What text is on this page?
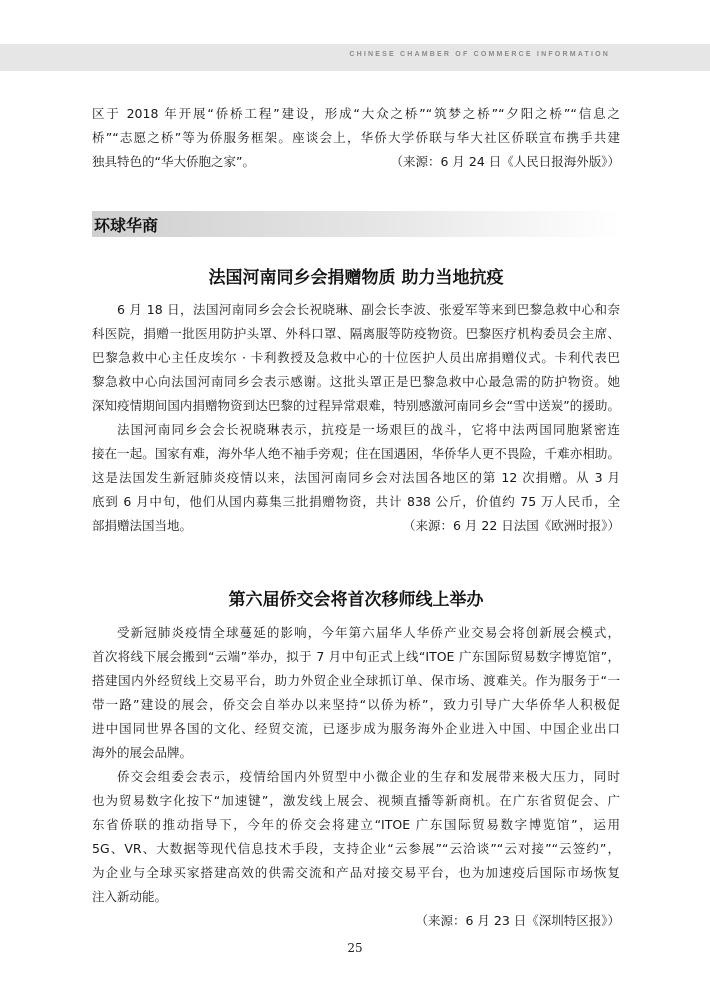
CHINESE CHAMBER OF COMMERCE INFORMATION

区于 2018 年开展“侨桥工程”建设，形成“大众之桥”“筑梦之桥”“夕阳之桥”“信息之

桥”“志愿之桥”等为侨服务框架。座谈会上，华侨大学侨联与华大社区侨联宣布携手共建

独具特色的“华大侨胞之家”。	（来源：6 月 24 日《人民日报海外版》）

环球华商
法国河南同乡会捐赠物质 助力当地抗疫

6 月 18 日，法国河南同乡会会长祝晓琳、副会长李波、张爱军等来到巴黎急救中心和奈

科医院，捐赠一批医用防护头罩、外科口罩、隔离服等防疫物资。巴黎医疗机构委员会主席、

巴黎急救中心主任皮埃尔 · 卡利教授及急救中心的十位医护人员出席捐赠仪式。卡利代表巴

黎急救中心向法国河南同乡会表示感谢。这批头罩正是巴黎急救中心最急需的防护物资。她

深知疫情期间国内捐赠物资到达巴黎的过程异常艰难，特别感激河南同乡会“雪中送炭”的援助。

法国河南同乡会会长祝晓琳表示，抗疫是一场艰巨的战斗，它将中法两国同胞紧密连

接在一起。国家有难，海外华人绝不袖手旁观；住在国遇困，华侨华人更不畏险，千难亦相助。

这是法国发生新冠肺炎疫情以来，法国河南同乡会对法国各地区的第 12 次捐赠。从 3 月

底到 6 月中旬，他们从国内募集三批捐赠物资，共计 838 公斤，价值约 75 万人民币，全

部捐赠法国当地。	（来源：6 月 22 日法国《欧洲时报》）

第六届侨交会将首次移师线上举办

受新冠肺炎疫情全球蔓延的影响，今年第六届华人华侨产业交易会将创新展会模式，

首次将线下展会搬到“云端”举办，拟于 7 月中旬正式上线“ITOE 广东国际贸易数字博览馆”，

搭建国内外经贸线上交易平台，助力外贸企业全球抓订单、保市场、渡难关。作为服务于“一

带一路”建设的展会，侨交会自举办以来坚持“以侨为桥”，致力引导广大华侨华人积极促

进中国同世界各国的文化、经贸交流，已逐步成为服务海外企业进入中国、中国企业出口

海外的展会品牌。

侨交会组委会表示，疫情给国内外贸型中小微企业的生存和发展带来极大压力，同时

也为贸易数字化按下“加速键”，激发线上展会、视频直播等新商机。在广东省贸促会、广

东省侨联的推动指导下，今年的侨交会将建立“ITOE 广东国际贸易数字博览馆”，运用

5G、VR、大数据等现代信息技术手段，支持企业“云参展”“云洽谈”“云对接”“云签约”，

为企业与全球买家搭建高效的供需交流和产品对接交易平台，也为加速疫后国际市场恢复

注入新动能。

（来源：6 月 23 日《深圳特区报》）

25
